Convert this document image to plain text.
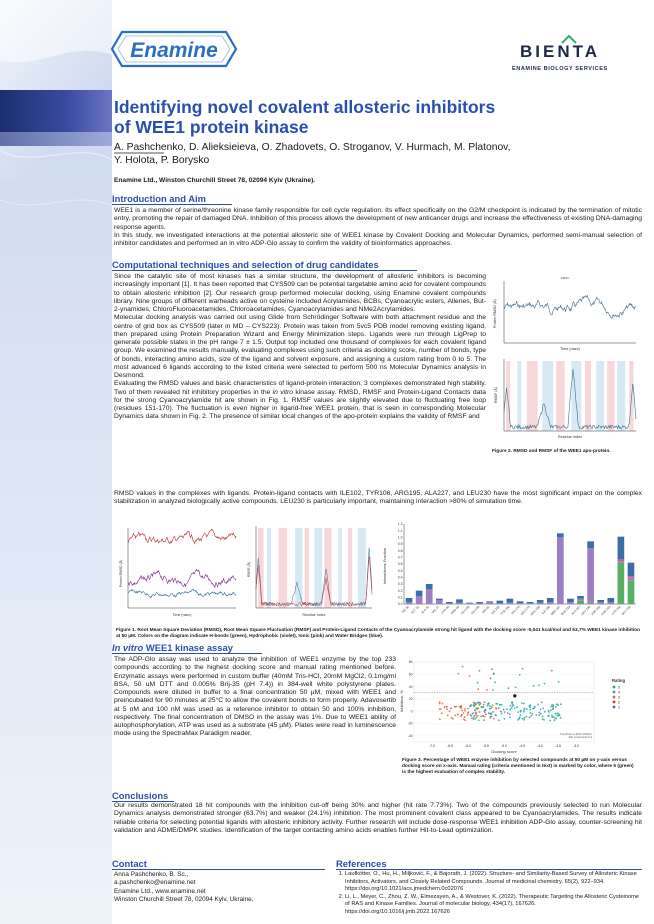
Enamine	BIENTA
ENAMINE BIOLOGY SERVICES
Identifying novel covalent allosteric inhibitors
of WEE1 protein kinase
A. Pashchenko, D. Alieksieieva, O. Zhadovets, O. Stroganov, V. Hurmach, M. Platonov,
Y. Holota, P. Borysko
Enamine Ltd., Winston Churchill Street 78, 02094 Kyiv (Ukraine).
Introduction and Aim

WEE1 is a member of serine/threonine kinase family responsible for cell cycle regulation. Its effect specifically on the G2/M checkpoint is indicated by the termination of mitotic entry, promoting the repair of damaged DNA. Inhibition of this process allows the development of new anticancer drugs and increase the effectiveness of existing DNA-damaging response agents.

In this study, we investigated interactions at the potential allosteric site of WEE1 kinase by Covalent Docking and Molecular Dynamics, performed semi-manual selection of inhibitor candidates and performed an in vitro ADP-Glo assay to confirm the validity of bioinformatics approaches.

Computational techniques and selection of drug candidates

Since the catalytic site of most kinases has a similar structure, the development of allosteric inhibitors is becoming increasingly important [1]. It has been reported that CYS509 can be potential targetable amino acid for covalent compounds to obtain allosteric inhibition [2]. Our research group performed molecular docking, using Enamine covalent compounds library. Nine groups of different warheads active on cysteine included Acrylamides, BCBs, Cyanoacrylic esters, Allenes, But-2-ynamides, ChloroFluoroacetamides, Chloroacetamides, Cyanoacrylamides and NMe2Acrylamides.

Molecular docking analysis was carried out using Glide from Schrödinger Software with both attachment residue and the centre of grid box as CYS509 (later in MD – CYS223). Protein was taken from 5vc5 PDB model removing existing ligand, then prepared using Protein Preparation Wizard and Energy Minimization steps. Ligands were run through LigPrep to generate possible states in the pH range 7 ± 1.5. Output top included one thousand of complexes for each covalent ligand group. We examined the results manually, evaluating complexes using such criteria as docking score, number of bonds, type of bonds, interacting amino acids, size of the ligand and solvent exposure, and assigning a custom rating from 0 to 5. The most advanced 6 ligands according to the listed criteria were selected to perform 500 ns Molecular Dynamics analysis in Desmond.

Evaluating the RMSD values and basic characteristics of ligand-protein interaction, 3 complexes demonstrated high stability. Two of them revealed hit inhibitory properties in the in vitro kinase assay. RMSD, RMSF and Protein-Ligand Contacts data for the strong Cyanoacrylamide hit are shown in Fig. 1. RMSF values are slightly elevated due to fluctuating free loop (residues 151-170). The fluctuation is even higher in ligand-free WEE1 protein, that is seen in corresponding Molecular Dynamics data shown in Fig. 2. The presence of similar local changes of the apo-protein explains the validity of RMSF and

RMSD values in the complexes with ligands. Protein-ligand contacts with ILE102, TYR106, ARG195, ALA227, and LEU230 have the most significant impact on the complex stabilization in analyzed biologically active compounds. LEU230 is particularly important, maintaining interaction >80% of simulation time.
RMSD
Protein RMSD (Å)
Time (nsec)
RMSF (Å)
Residue Index
Figure 2. RMSD and RMSF of the WEE1 apo-protein.
Protein RMSD (Å)
Time (nsec)
RMSF (Å)
Residue Index
Interactions Fraction
0.0
0.1
0.2
0.3
0.4
0.5
0.6
0.7
0.8
0.9
1.0
1.1
1.2
ILE 30 GLY 31 ALA 32 VAL 37 LYS 40 ARG 49 GLU 58 GLU 59 HIS 61 ILE 102
TYR 106 HIS 170
LEU 173
ARG 195 ILE 196
SER 197
GLN 219 ALA 227
LEU 230
ASP 232
ASN 233 LYS 234 GLY 235
Figure 1. Root Mean Square Deviation (RMSD), Root Mean Square Fluctuation (RMSF) and Protein-Ligand Contacts of the Cyanoacrylamide strong hit ligand with the docking score -5,041 kcal/mol and 63,7% WEE1 kinase inhibition at 50 µM. Colors on the diagram indicate H-bonds (green), Hydrophobic (violet), Ionic (pink) and Water Bridges (blue).
In vitro WEE1 kinase assay
The ADP-Glo assay was used to analyze the inhibition of WEE1 enzyme by the top 233 compounds according to the highest docking score and manual rating mentioned before. Enzymatic assays were performed in custom buffer (40mM Tris-HCl, 20mM MgCl2, 0.1mg/ml BSA, 50 uM DTT and 0.005% Brij-35 (pH 7.4)) in 384-well white polystyrene plates. Compounds were diluted in buffer to a final concentration 50 µM, mixed with WEE1 and preincubated for 90 minutes at 25°C to allow the covalent bonds to form properly. Adavosertib at 5 nM and 100 nM was used as a reference inhibitor to obtain 50 and 100% inhibition, respectively. The final concentration of DMSO in the assay was 1%. Due to WEE1 ability of autophosphorylation, ATP was used as a substrate (45 µM). Plates were read in luminescence mode using the SpectraMax Paradigm reader.	-40
-20
0
20
40
60
80
-7.0	-6.5	-6.0	-5.5	-5.0	-4.5	-4.0	-3.5	-3.0
Docking score
Inhibition, %
Cut-off line is 30% inhibition
Ref. compounds 0.3
Rating
5
4
3
2
1
Figure 3. Percentage of WEE1 enzyme inhibition by selected compounds at 50 µM on y-axis versus docking score on x-axis. Manual rating (criteria mentioned in text) is marked by color, where 5 (green) is the highest evaluation of complex stability.
Conclusions
Our results demonstrated 18 hit compounds with the inhibition cut-off being 30% and higher (hit rate 7.73%). Two of the compounds previously selected to run Molecular Dynamics analysis demonstrated stronger (63.7%) and weaker (24.1%) inhibition. The most prominent covalent class appeared to be Cyanoacrylamides. The results indicate reliable criteria for selecting potential ligands with allosteric inhibitory activity. Further research will include dose-response WEE1 inhibition ADP-Glo assay, counter-screening hit validation and ADME/DMPK studies. Identification of the target contacting amino acids enables further Hit-to-Lead optimization.
Contact
Anna Pashchenko, B. Sc.,
a.pashchenko@enamine.net
Enamine Ltd., www.enamine.net
Winston Churchill Street 78, 02094 Kyiv, Ukraine.
References
1. Laufkötter, O., Hu, H., Miljković, F., & Bajorath, J. (2022). Structure- and Similarity-Based Survey of Allosteric Kinase Inhibitors, Activators, and Closely Related Compounds. Journal of medicinal chemistry, 65(2), 922–934. https://doi.org/10.1021/acs.jmedchem.0c02076
2. Li, L., Meyer, C., Zhou, Z. W., Elmezayen, A., & Westover, K. (2022). Therapeutic Targeting the Allosteric Cysteinome of RAS and Kinase Families. Journal of molecular biology, 434(17), 167626. https://doi.org/10.1016/j.jmb.2022.167626
